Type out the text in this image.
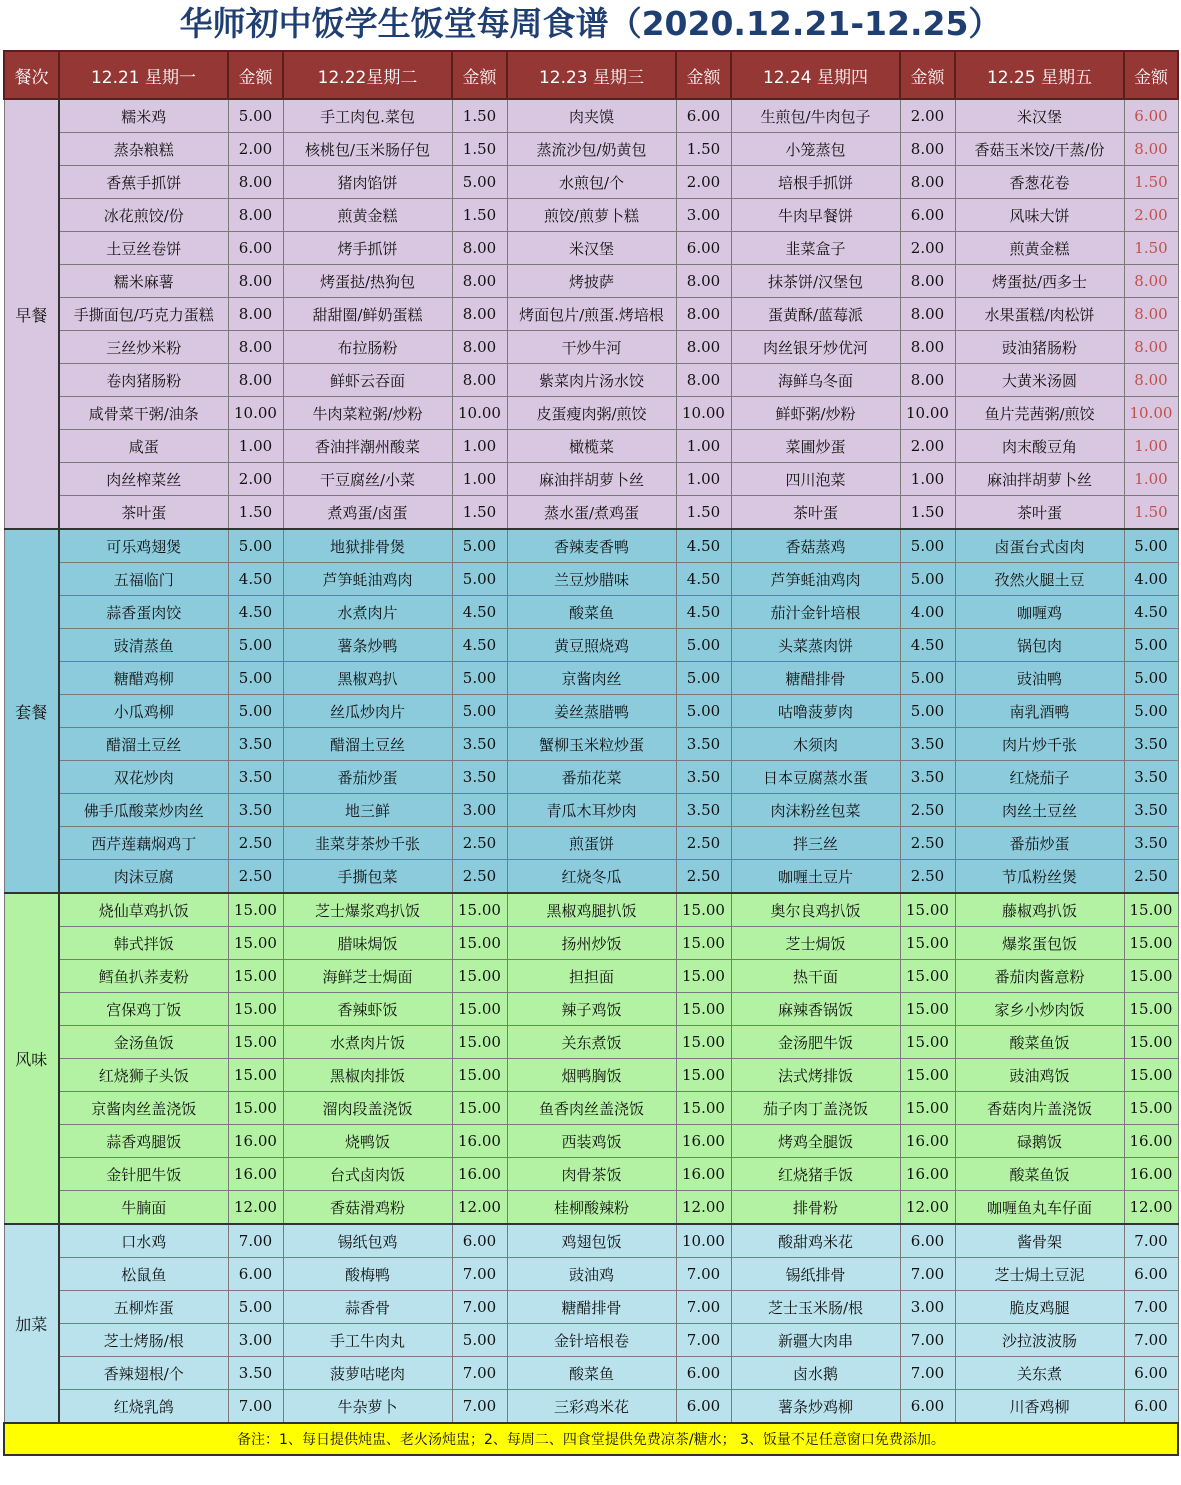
华师初中饭学生饭堂每周食谱（2020.12.21-12.25）
餐次	12.21 星期一	金额	12.22星期二	金额	12.23 星期三	金额	12.24 星期四	金额	12.25 星期五	金额
早餐	糯米鸡	5.00	手工肉包.菜包	1.50	肉夹馍	6.00	生煎包/牛肉包子	2.00	米汉堡	6.00
	蒸杂粮糕	2.00	核桃包/玉米肠仔包	1.50	蒸流沙包/奶黄包	1.50	小笼蒸包	8.00	香菇玉米饺/干蒸/份	8.00
	香蕉手抓饼	8.00	猪肉馅饼	5.00	水煎包/个	2.00	培根手抓饼	8.00	香葱花卷	1.50
	冰花煎饺/份	8.00	煎黄金糕	1.50	煎饺/煎萝卜糕	3.00	牛肉早餐饼	6.00	风味大饼	2.00
	土豆丝卷饼	6.00	烤手抓饼	8.00	米汉堡	6.00	韭菜盒子	2.00	煎黄金糕	1.50
	糯米麻薯	8.00	烤蛋挞/热狗包	8.00	烤披萨	8.00	抹茶饼/汉堡包	8.00	烤蛋挞/西多士	8.00
	手撕面包/巧克力蛋糕	8.00	甜甜圈/鲜奶蛋糕	8.00	烤面包片/煎蛋.烤培根	8.00	蛋黄酥/蓝莓派	8.00	水果蛋糕/肉松饼	8.00
	三丝炒米粉	8.00	布拉肠粉	8.00	干炒牛河	8.00	肉丝银牙炒优河	8.00	豉油猪肠粉	8.00
	卷肉猪肠粉	8.00	鲜虾云吞面	8.00	紫菜肉片汤水饺	8.00	海鲜乌冬面	8.00	大黄米汤圆	8.00
	咸骨菜干粥/油条	10.00	牛肉菜粒粥/炒粉	10.00	皮蛋瘦肉粥/煎饺	10.00	鲜虾粥/炒粉	10.00	鱼片芫茜粥/煎饺	10.00
	咸蛋	1.00	香油拌潮州酸菜	1.00	橄榄菜	1.00	菜圃炒蛋	2.00	肉末酸豆角	1.00
	肉丝榨菜丝	2.00	干豆腐丝/小菜	1.00	麻油拌胡萝卜丝	1.00	四川泡菜	1.00	麻油拌胡萝卜丝	1.00
	茶叶蛋	1.50	煮鸡蛋/卤蛋	1.50	蒸水蛋/煮鸡蛋	1.50	茶叶蛋	1.50	茶叶蛋	1.50
套餐	可乐鸡翅煲	5.00	地狱排骨煲	5.00	香辣麦香鸭	4.50	香菇蒸鸡	5.00	卤蛋台式卤肉	5.00
	五福临门	4.50	芦笋蚝油鸡肉	5.00	兰豆炒腊味	4.50	芦笋蚝油鸡肉	5.00	孜然火腿土豆	4.00
	蒜香蛋肉饺	4.50	水煮肉片	4.50	酸菜鱼	4.50	茄汁金针培根	4.00	咖喱鸡	4.50
	豉清蒸鱼	5.00	薯条炒鸭	4.50	黄豆照烧鸡	5.00	头菜蒸肉饼	4.50	锅包肉	5.00
	糖醋鸡柳	5.00	黑椒鸡扒	5.00	京酱肉丝	5.00	糖醋排骨	5.00	豉油鸭	5.00
	小瓜鸡柳	5.00	丝瓜炒肉片	5.00	姜丝蒸腊鸭	5.00	咕噜菠萝肉	5.00	南乳酒鸭	5.00
	醋溜土豆丝	3.50	醋溜土豆丝	3.50	蟹柳玉米粒炒蛋	3.50	木须肉	3.50	肉片炒千张	3.50
	双花炒肉	3.50	番茄炒蛋	3.50	番茄花菜	3.50	日本豆腐蒸水蛋	3.50	红烧茄子	3.50
	佛手瓜酸菜炒肉丝	3.50	地三鲜	3.00	青瓜木耳炒肉	3.50	肉沫粉丝包菜	2.50	肉丝土豆丝	3.50
	西芹莲藕焖鸡丁	2.50	韭菜芽茶炒千张	2.50	煎蛋饼	2.50	拌三丝	2.50	番茄炒蛋	3.50
	肉沫豆腐	2.50	手撕包菜	2.50	红烧冬瓜	2.50	咖喱土豆片	2.50	节瓜粉丝煲	2.50
风味	烧仙草鸡扒饭	15.00	芝士爆浆鸡扒饭	15.00	黑椒鸡腿扒饭	15.00	奥尔良鸡扒饭	15.00	藤椒鸡扒饭	15.00
	韩式拌饭	15.00	腊味焗饭	15.00	扬州炒饭	15.00	芝士焗饭	15.00	爆浆蛋包饭	15.00
	鳕鱼扒荞麦粉	15.00	海鲜芝士焗面	15.00	担担面	15.00	热干面	15.00	番茄肉酱意粉	15.00
	宫保鸡丁饭	15.00	香辣虾饭	15.00	辣子鸡饭	15.00	麻辣香锅饭	15.00	家乡小炒肉饭	15.00
	金汤鱼饭	15.00	水煮肉片饭	15.00	关东煮饭	15.00	金汤肥牛饭	15.00	酸菜鱼饭	15.00
	红烧狮子头饭	15.00	黑椒肉排饭	15.00	烟鸭胸饭	15.00	法式烤排饭	15.00	豉油鸡饭	15.00
	京酱肉丝盖浇饭	15.00	溜肉段盖浇饭	15.00	鱼香肉丝盖浇饭	15.00	茄子肉丁盖浇饭	15.00	香菇肉片盖浇饭	15.00
	蒜香鸡腿饭	16.00	烧鸭饭	16.00	西装鸡饭	16.00	烤鸡全腿饭	16.00	碌鹅饭	16.00
	金针肥牛饭	16.00	台式卤肉饭	16.00	肉骨茶饭	16.00	红烧猪手饭	16.00	酸菜鱼饭	16.00
	牛腩面	12.00	香菇滑鸡粉	12.00	桂柳酸辣粉	12.00	排骨粉	12.00	咖喱鱼丸车仔面	12.00
加菜	口水鸡	7.00	锡纸包鸡	6.00	鸡翅包饭	10.00	酸甜鸡米花	6.00	酱骨架	7.00
	松鼠鱼	6.00	酸梅鸭	7.00	豉油鸡	7.00	锡纸排骨	7.00	芝士焗土豆泥	6.00
	五柳炸蛋	5.00	蒜香骨	7.00	糖醋排骨	7.00	芝士玉米肠/根	3.00	脆皮鸡腿	7.00
	芝士烤肠/根	3.00	手工牛肉丸	5.00	金针培根卷	7.00	新疆大肉串	7.00	沙拉波波肠	7.00
	香辣翅根/个	3.50	菠萝咕咾肉	7.00	酸菜鱼	6.00	卤水鹅	7.00	关东煮	6.00
	红烧乳鸽	7.00	牛杂萝卜	7.00	三彩鸡米花	6.00	薯条炒鸡柳	6.00	川香鸡柳	6.00
备注：1、每日提供炖盅、老火汤炖盅；2、每周二、四食堂提供免费凉茶/糖水； 3、饭量不足任意窗口免费添加。										
